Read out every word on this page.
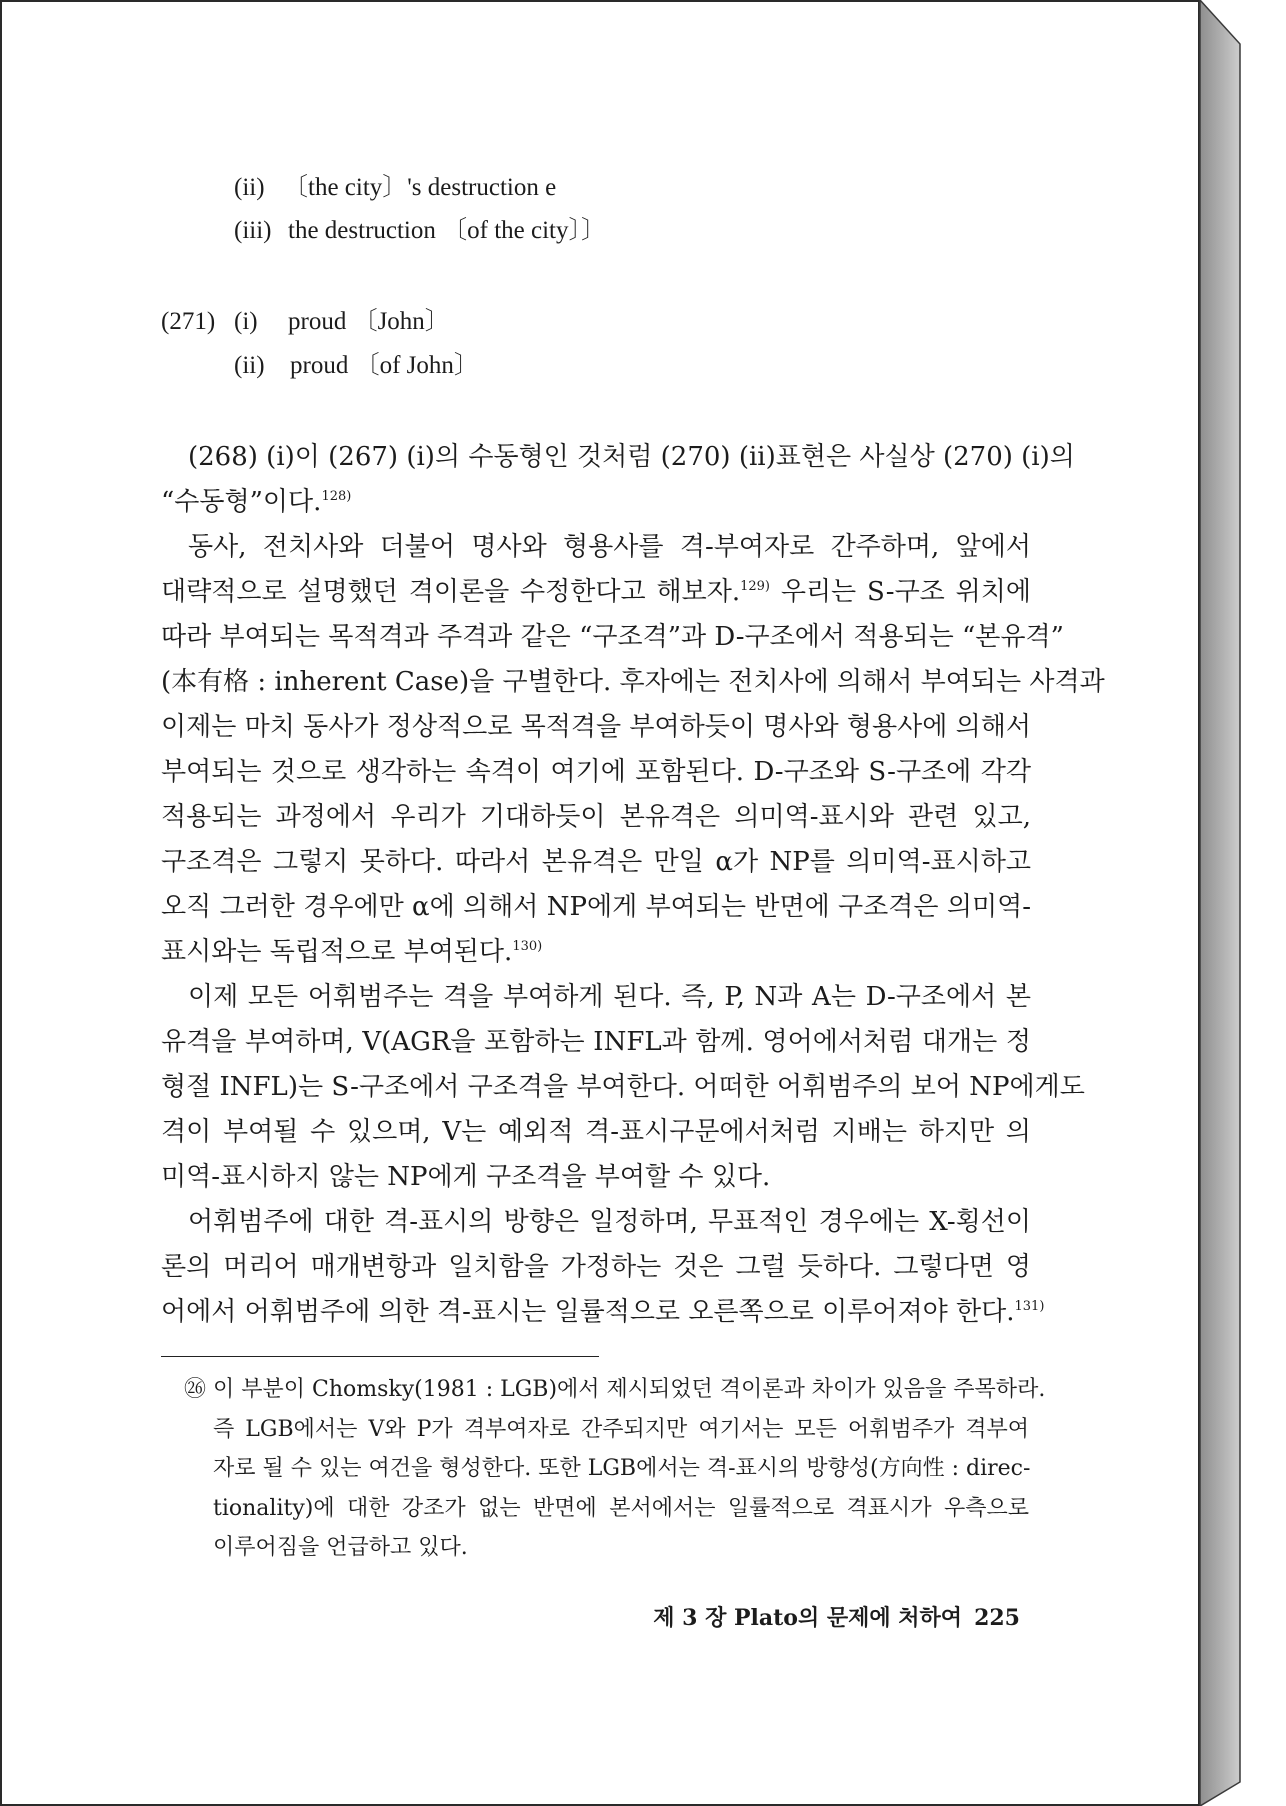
(ii) 〔the city〕's destruction e
(iii) the destruction 〔of the city〕〕
(271) (i) proud 〔John〕
(ii) proud 〔of John〕
(268) (i)이 (267) (i)의 수동형인 것처럼 (270) (ii)표현은 사실상 (270) (i)의
“수동형”이다.$^{128)}$
동사, 전치사와 더불어 명사와 형용사를 격-부여자로 간주하며, 앞에서
대략적으로 설명했던 격이론을 수정한다고 해보자.$^{129)}$ 우리는 S-구조 위치에
따라 부여되는 목적격과 주격과 같은 “구조격”과 D-구조에서 적용되는 “본유격”
(本有格 : inherent Case)을 구별한다. 후자에는 전치사에 의해서 부여되는 사격과
이제는 마치 동사가 정상적으로 목적격을 부여하듯이 명사와 형용사에 의해서
부여되는 것으로 생각하는 속격이 여기에 포함된다. D-구조와 S-구조에 각각
적용되는 과정에서 우리가 기대하듯이 본유격은 의미역-표시와 관련 있고,
구조격은 그렇지 못하다. 따라서 본유격은 만일 α가 NP를 의미역-표시하고
오직 그러한 경우에만 α에 의해서 NP에게 부여되는 반면에 구조격은 의미역-
표시와는 독립적으로 부여된다.$^{130)}$
이제 모든 어휘범주는 격을 부여하게 된다. 즉, P, N과 A는 D-구조에서 본
유격을 부여하며, V(AGR을 포함하는 INFL과 함께. 영어에서처럼 대개는 정
형절 INFL)는 S-구조에서 구조격을 부여한다. 어떠한 어휘범주의 보어 NP에게도
격이 부여될 수 있으며, V는 예외적 격-표시구문에서처럼 지배는 하지만 의
미역-표시하지 않는 NP에게 구조격을 부여할 수 있다.
어휘범주에 대한 격-표시의 방향은 일정하며, 무표적인 경우에는 X-횡선이
론의 머리어 매개변항과 일치함을 가정하는 것은 그럴 듯하다. 그렇다면 영
어에서 어휘범주에 의한 격-표시는 일률적으로 오른쪽으로 이루어져야 한다.$^{131)}$
㉖ 이 부분이 Chomsky(1981 : LGB)에서 제시되었던 격이론과 차이가 있음을 주목하라.
즉 LGB에서는 V와 P가 격부여자로 간주되지만 여기서는 모든 어휘범주가 격부여
자로 될 수 있는 여건을 형성한다. 또한 LGB에서는 격-표시의 방향성(方向性 : direc-
tionality)에 대한 강조가 없는 반면에 본서에서는 일률적으로 격표시가 우측으로
이루어짐을 언급하고 있다.
제 3 장 Plato의 문제에 처하여 225
